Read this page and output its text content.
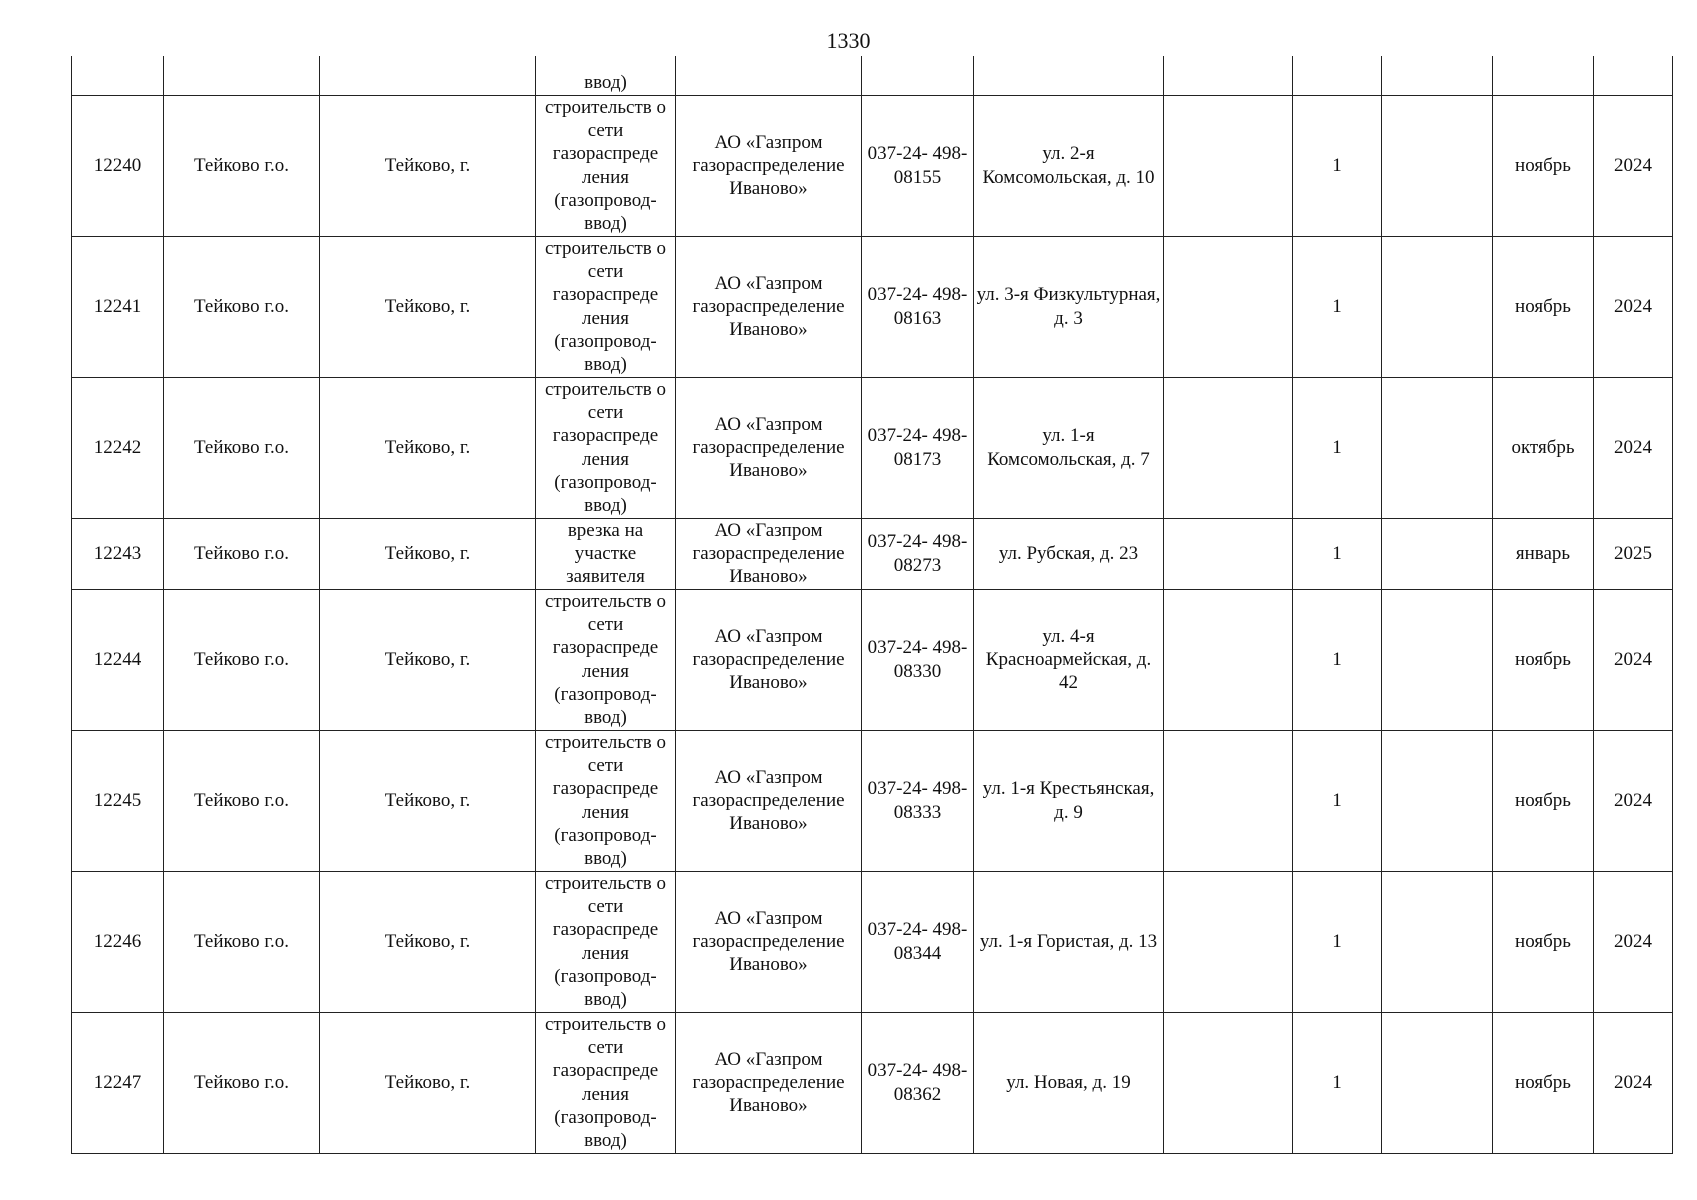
1330
			ввод)								
12240	Тейково г.о.	Тейково, г.	строительств о сети газораспреде ления (газопровод- ввод)	АО «Газпром газораспределение Иваново»	037-24- 498-08155	ул. 2-я Комсомольская, д. 10		1		ноябрь	2024
12241	Тейково г.о.	Тейково, г.	строительств о сети газораспреде ления (газопровод- ввод)	АО «Газпром газораспределение Иваново»	037-24- 498-08163	ул. 3-я Физкультурная, д. 3		1		ноябрь	2024
12242	Тейково г.о.	Тейково, г.	строительств о сети газораспреде ления (газопровод- ввод)	АО «Газпром газораспределение Иваново»	037-24- 498-08173	ул. 1-я Комсомольская, д. 7		1		октябрь	2024
12243	Тейково г.о.	Тейково, г.	врезка на участке заявителя	АО «Газпром газораспределение Иваново»	037-24- 498-08273	ул. Рубская, д. 23		1		январь	2025
12244	Тейково г.о.	Тейково, г.	строительств о сети газораспреде ления (газопровод- ввод)	АО «Газпром газораспределение Иваново»	037-24- 498-08330	ул. 4-я Красноармейская, д. 42		1		ноябрь	2024
12245	Тейково г.о.	Тейково, г.	строительств о сети газораспреде ления (газопровод- ввод)	АО «Газпром газораспределение Иваново»	037-24- 498-08333	ул. 1-я Крестьянская, д. 9		1		ноябрь	2024
12246	Тейково г.о.	Тейково, г.	строительств о сети газораспреде ления (газопровод- ввод)	АО «Газпром газораспределение Иваново»	037-24- 498-08344	ул. 1-я Гористая, д. 13		1		ноябрь	2024
12247	Тейково г.о.	Тейково, г.	строительств о сети газораспреде ления (газопровод- ввод)	АО «Газпром газораспределение Иваново»	037-24- 498-08362	ул. Новая, д. 19		1		ноябрь	2024
